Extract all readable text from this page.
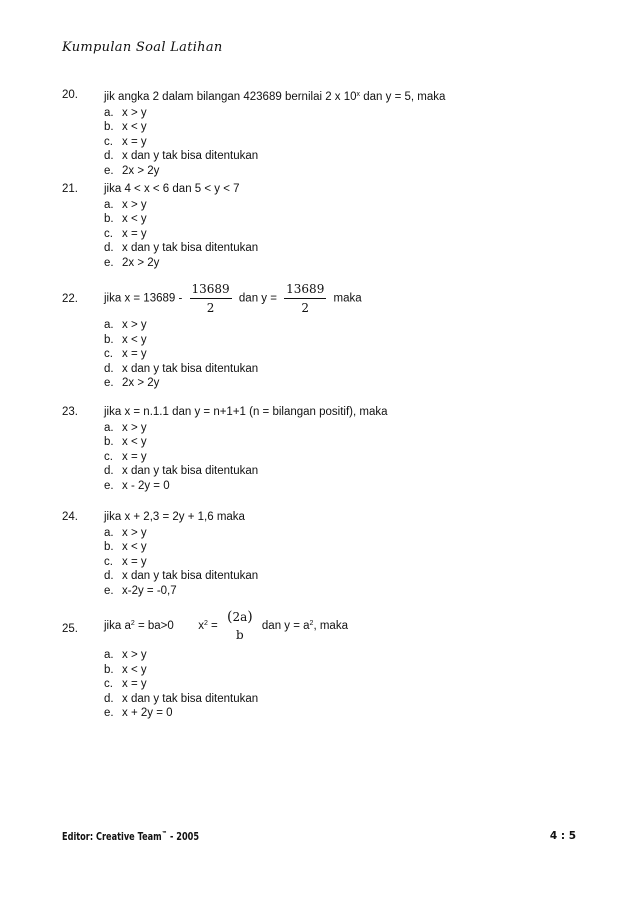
Kumpulan Soal Latihan
20. jik angka 2 dalam bilangan 423689 bernilai 2 x 10$^x$ dan y = 5, maka
a. x > y
b. x < y
c. x = y
d. x dan y tak bisa ditentukan
e. 2x > 2y
21. jika 4 < x < 6 dan 5 < y < 7
a. x > y
b. x < y
c. x = y
d. x dan y tak bisa ditentukan
e. 2x > 2y
22. jika $x = 13689 - \frac{13689}{2}$ dan $y = \frac{13689}{2}$ maka
a. x > y
b. x < y
c. x = y
d. x dan y tak bisa ditentukan
e. 2x > 2y
23. jika x = n.1.1 dan y = n+1+1 (n = bilangan positif), maka
a. x > y
b. x < y
c. x = y
d. x dan y tak bisa ditentukan
e. x - 2y = 0
24. jika x + 2,3 = 2y + 1,6 maka
a. x > y
b. x < y
c. x = y
d. x dan y tak bisa ditentukan
e. x-2y = -0,7
25. jika $a^2 = ba>0$ $x^2$ =
(2a)
b
dan $y = a^2$, maka
a. x > y
b. x < y
c. x = y
d. x dan y tak bisa ditentukan
e. x + 2y = 0
Editor: Creative Team™ - 2005	4 : 5
